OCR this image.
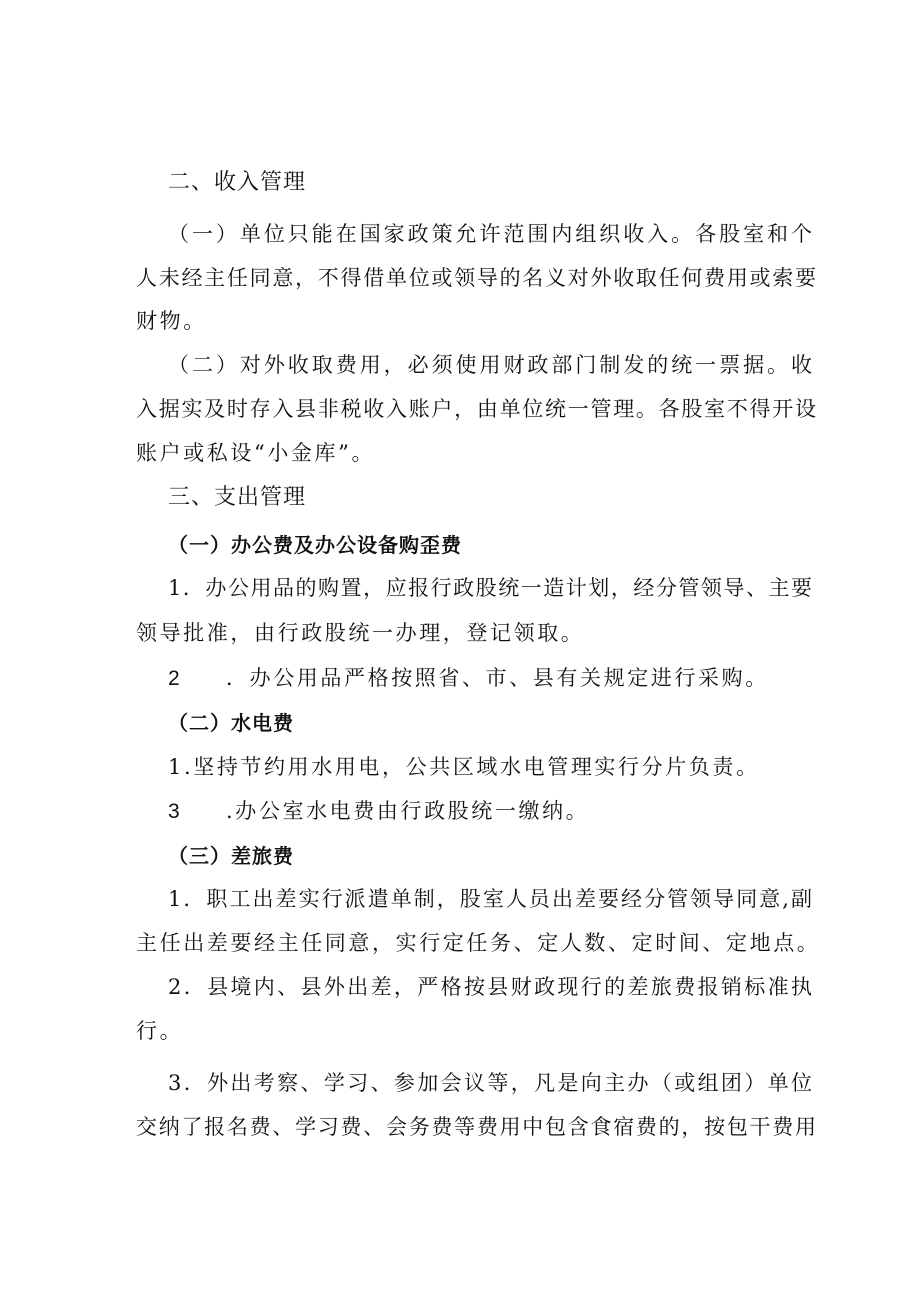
二、收入管理
（一）单位只能在国家政策允许范围内组织收入。各股室和个
人未经主任同意，不得借单位或领导的名义对外收取任何费用或索要
财物。
（二）对外收取费用，必须使用财政部门制发的统一票据。收
入据实及时存入县非税收入账户，由单位统一管理。各股室不得开设
账户或私设“小金库”。
三、支出管理
（一）办公费及办公设备购歪费
1．办公用品的购置，应报行政股统一造计划，经分管领导、主要
领导批准，由行政股统一办理，登记领取。
2 ．办公用品严格按照省、市、县有关规定进行采购。
（二）水电费
1.坚持节约用水用电，公共区域水电管理实行分片负责。
3 .办公室水电费由行政股统一缴纳。
（三）差旅费
1．职工出差实行派遣单制，股室人员出差要经分管领导同意,副
主任出差要经主任同意，实行定任务、定人数、定时间、定地点。
2．县境内、县外出差，严格按县财政现行的差旅费报销标准执
行。
3．外出考察、学习、参加会议等，凡是向主办（或组团）单位
交纳了报名费、学习费、会务费等费用中包含食宿费的，按包干费用
